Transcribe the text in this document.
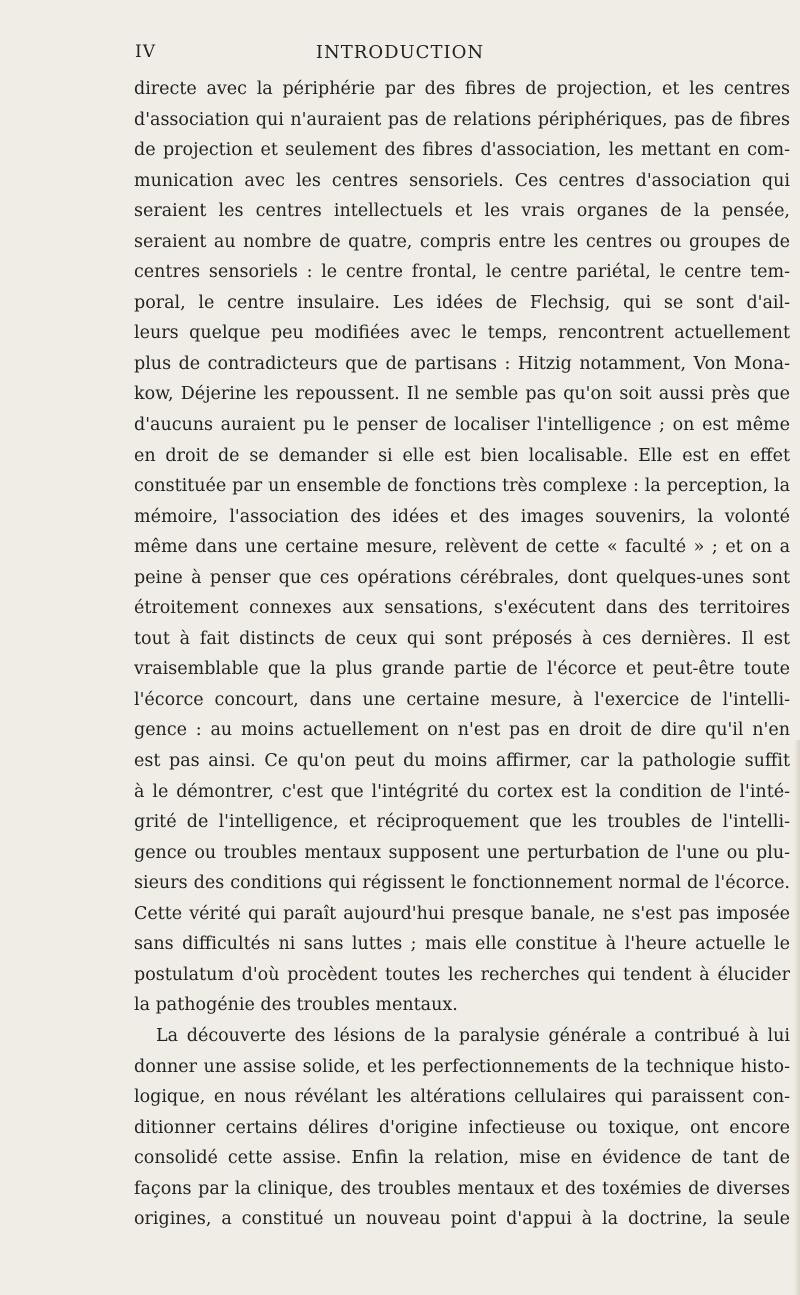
IV	INTRODUCTION
directe avec la périphérie par des fibres de projection, et les centres
d'association qui n'auraient pas de relations périphériques, pas de fibres
de projection et seulement des fibres d'association, les mettant en com-
munication avec les centres sensoriels. Ces centres d'association qui
seraient les centres intellectuels et les vrais organes de la pensée,
seraient au nombre de quatre, compris entre les centres ou groupes de
centres sensoriels : le centre frontal, le centre pariétal, le centre tem-
poral, le centre insulaire. Les idées de Flechsig, qui se sont d'ail-
leurs quelque peu modifiées avec le temps, rencontrent actuellement
plus de contradicteurs que de partisans : Hitzig notamment, Von Mona-
kow, Déjerine les repoussent. Il ne semble pas qu'on soit aussi près que
d'aucuns auraient pu le penser de localiser l'intelligence ; on est même
en droit de se demander si elle est bien localisable. Elle est en effet
constituée par un ensemble de fonctions très complexe : la perception, la
mémoire, l'association des idées et des images souvenirs, la volonté
même dans une certaine mesure, relèvent de cette « faculté » ; et on a
peine à penser que ces opérations cérébrales, dont quelques-unes sont
étroitement connexes aux sensations, s'exécutent dans des territoires
tout à fait distincts de ceux qui sont préposés à ces dernières. Il est
vraisemblable que la plus grande partie de l'écorce et peut-être toute
l'écorce concourt, dans une certaine mesure, à l'exercice de l'intelli-
gence : au moins actuellement on n'est pas en droit de dire qu'il n'en
est pas ainsi. Ce qu'on peut du moins affirmer, car la pathologie suffit
à le démontrer, c'est que l'intégrité du cortex est la condition de l'inté-
grité de l'intelligence, et réciproquement que les troubles de l'intelli-
gence ou troubles mentaux supposent une perturbation de l'une ou plu-
sieurs des conditions qui régissent le fonctionnement normal de l'écorce.
Cette vérité qui paraît aujourd'hui presque banale, ne s'est pas imposée
sans difficultés ni sans luttes ; mais elle constitue à l'heure actuelle le
postulatum d'où procèdent toutes les recherches qui tendent à élucider
la pathogénie des troubles mentaux.
La découverte des lésions de la paralysie générale a contribué à lui
donner une assise solide, et les perfectionnements de la technique histo-
logique, en nous révélant les altérations cellulaires qui paraissent con-
ditionner certains délires d'origine infectieuse ou toxique, ont encore
consolidé cette assise. Enfin la relation, mise en évidence de tant de
façons par la clinique, des troubles mentaux et des toxémies de diverses
origines, a constitué un nouveau point d'appui à la doctrine, la seule
